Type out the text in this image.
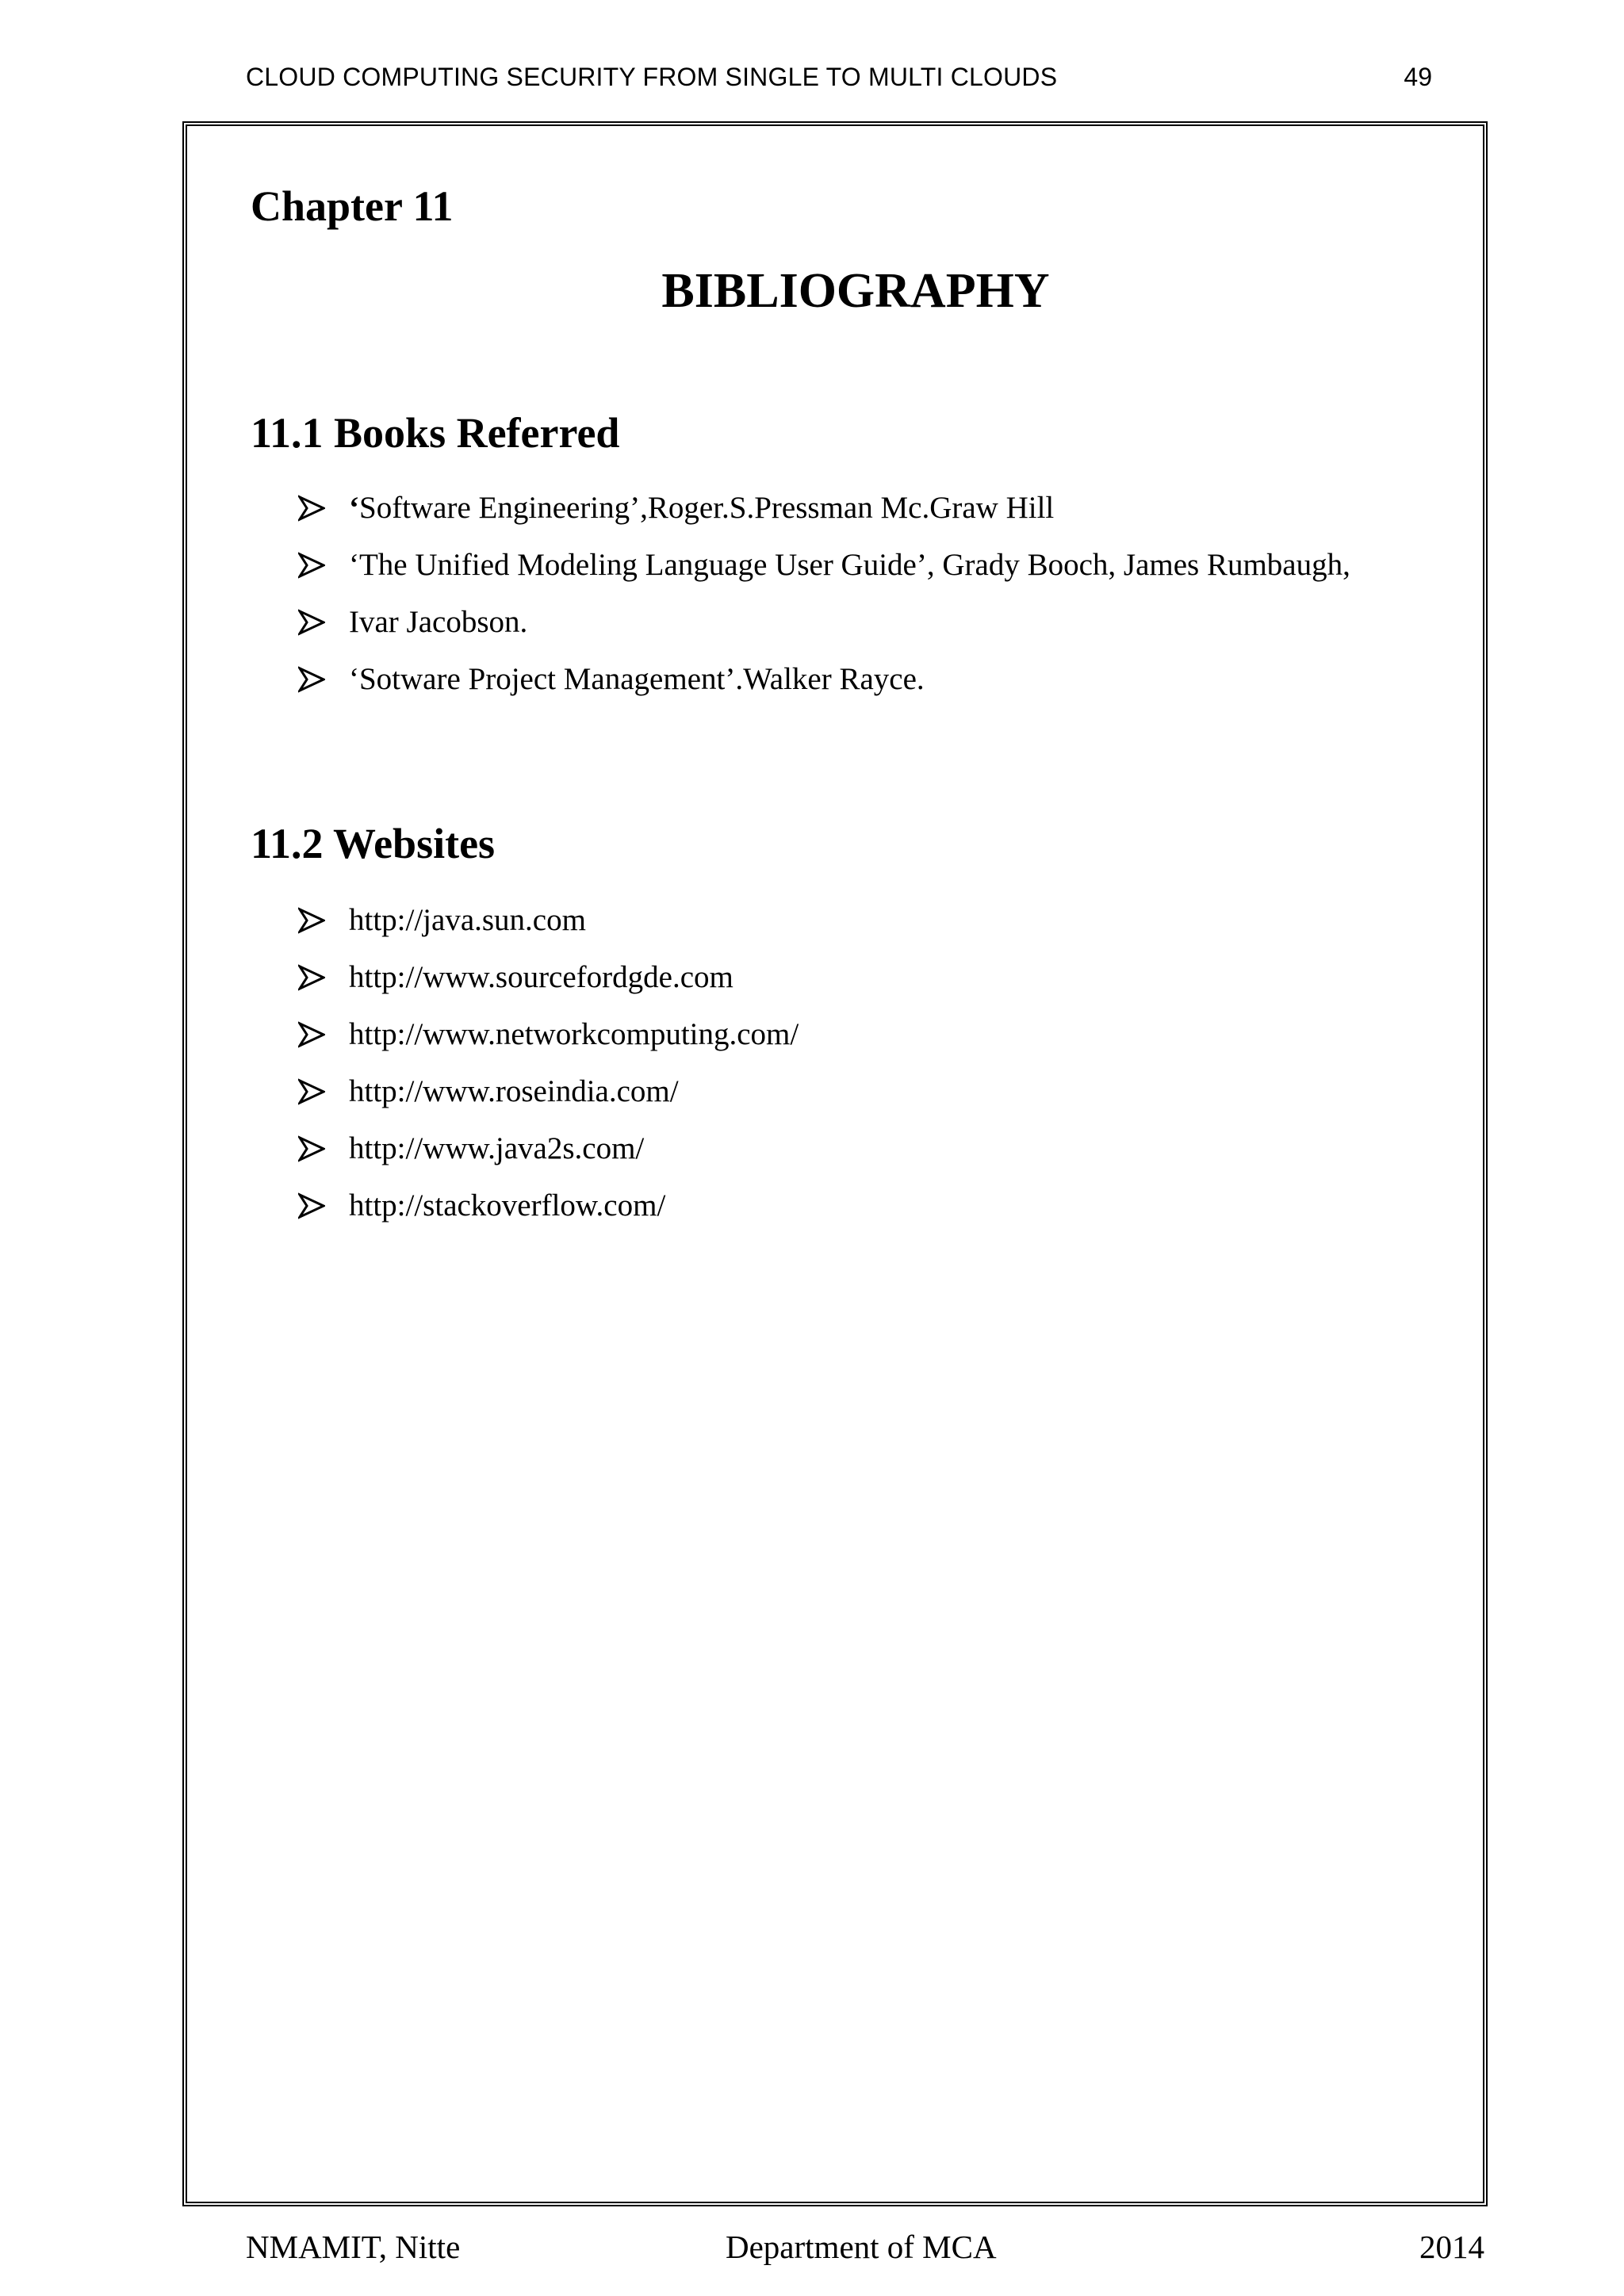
CLOUD COMPUTING SECURITY FROM SINGLE TO MULTI CLOUDS	49
Chapter 11
BIBLIOGRAPHY
11.1 Books Referred
‘Software Engineering’,Roger.S.Pressman Mc.Graw Hill
‘The Unified Modeling Language User Guide’, Grady Booch, James Rumbaugh,
Ivar Jacobson.
‘Sotware Project Management’.Walker Rayce.
11.2 Websites
http://java.sun.com
http://www.sourcefordgde.com
http://www.networkcomputing.com/
http://www.roseindia.com/
http://www.java2s.com/
http://stackoverflow.com/
NMAMIT, Nitte	Department of MCA	2014
